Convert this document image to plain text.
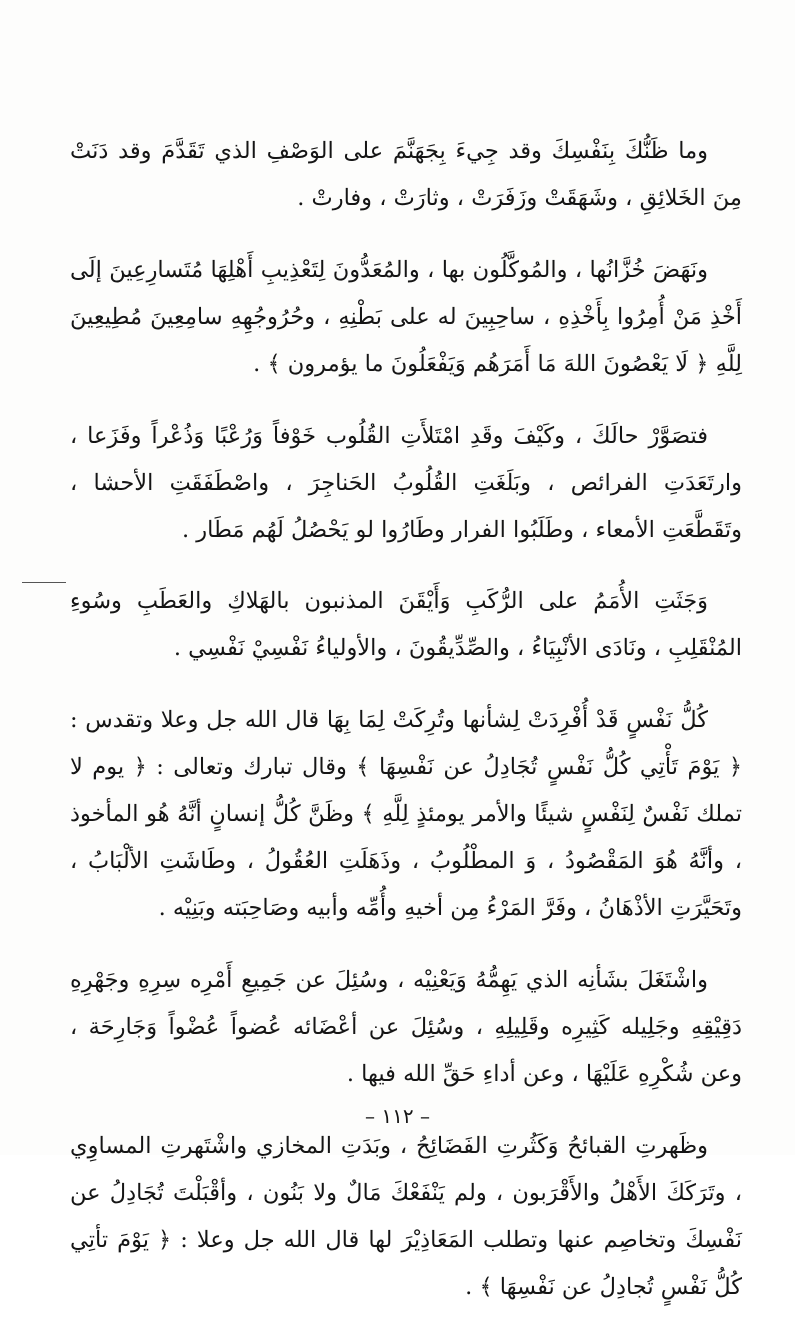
وما ظَنُّكَ بِنَفْسِكَ وقد جِيءَ بِجَهَنَّمَ على الوَصْفِ الذي تَقَدَّمَ وقد دَنَتْ مِنَ الخَلائِقِ ، وشَهَقَتْ وزَفَرَتْ ، وثارَتْ ، وفارتْ .

ونَهَضَ خُزَّانُها ، والمُوكَّلُون بها ، والمُعَدُّونَ لِتَعْذِيبِ أَهْلِهَا مُتَسارِعِينَ إلَى أَخْذِ مَنْ أُمِرُوا بِأَخْذِهِ ، ساحِبِينَ له على بَطْنِهِ ، وحُرُوجُهِهِ سامِعِينَ مُطِيعِينَ لِلَّهِ ﴿ لَا يَعْصُونَ اللهَ مَا أَمَرَهُم وَيَفْعَلُونَ ما يؤمرون ﴾ .

فتصَوَّرْ حالَكَ ، وكَيْفَ وقَدِ امْتَلأَتِ القُلُوب خَوْفاً وَرُعْبًا وَذُعْراً وفَزَعا ، وارتَعَدَتِ الفرائص ، وبَلَغَتِ القُلُوبُ الحَناجِرَ ، واصْطَفَقَتِ الأحشا ، وتَقَطَّعَتِ الأمعاء ، وطَلَبُوا الفرار وطَارُوا لو يَحْصُلُ لَهُم مَطَار .

وَجَثَتِ الأُمَمُ على الرُّكَبِ وَأَيْقَنَ المذنبون بالهَلاكِ والعَطَبِ وسُوءِ المُنْقَلِبِ ، ونَادَى الأنْبِيَاءُ ، والصِّدِّيقُونَ ، والأولياءُ نَفْسِيْ نَفْسِي .

كُلُّ نَفْسٍ قَدْ أُفْرِدَتْ لِشأنها وتُرِكَتْ لِمَا بِهَا قال الله جل وعلا وتقدس : ﴿ يَوْمَ تَأْتِي كُلُّ نَفْسٍ تُجَادِلُ عن نَفْسِهَا ﴾ وقال تبارك وتعالى : ﴿ يوم لا تملك نَفْسٌ لِنَفْسٍ شيئًا والأمر يومئذٍ لِلَّهِ ﴾ وظَنَّ كُلُّ إنسانٍ أنَّهُ هُو المأخوذ ، وأنَّهُ هُوَ المَقْصُودُ ، وَ المطْلُوبُ ، وذَهَلَتِ العُقُولُ ، وطَاشَتِ الألْبَابُ ، وتَحَيَّرَتِ الأذْهَانُ ، وفَرَّ المَرْءُ مِن أخيهِ وأُمِّه وأبيه وصَاحِبَته وبَنِيْه .

واشْتَغَلَ بشَأنِه الذي يَهِمُّهُ وَيَعْنِيْه ، وسُئِلَ عن جَمِيعِ أَمْرِه سِرِهِ وجَهْرِهِ دَقِيْقِهِ وجَلِيله كَثِيرِه وقَلِيلِهِ ، وسُئِلَ عن أعْضَائه عُضواً عُضْواً وَجَارِحَة ، وعن شُكْرِهِ عَلَيْهَا ، وعن أداءِ حَقِّ الله فيها .

وظَهرتِ القبائحُ وَكَثُرتِ الفَضَائِحُ ، وبَدَتِ المخازي واشْتَهرتِ المساوِي ، وتَرَكَكَ الأَهْلُ والأَقْرَبون ، ولم يَنْفَعْكَ مَالٌ ولا بَنُون ، وأقْبَلْتَ تُجَادِلُ عن نَفْسِكَ وتخاصِم عنها وتطلب المَعَاذِيْرَ لها قال الله جل وعلا : ﴿ يَوْمَ تأتِي كُلُّ نَفْسٍ تُجادِلُ عن نَفْسِهَا ﴾ .

– ١١٢ –
